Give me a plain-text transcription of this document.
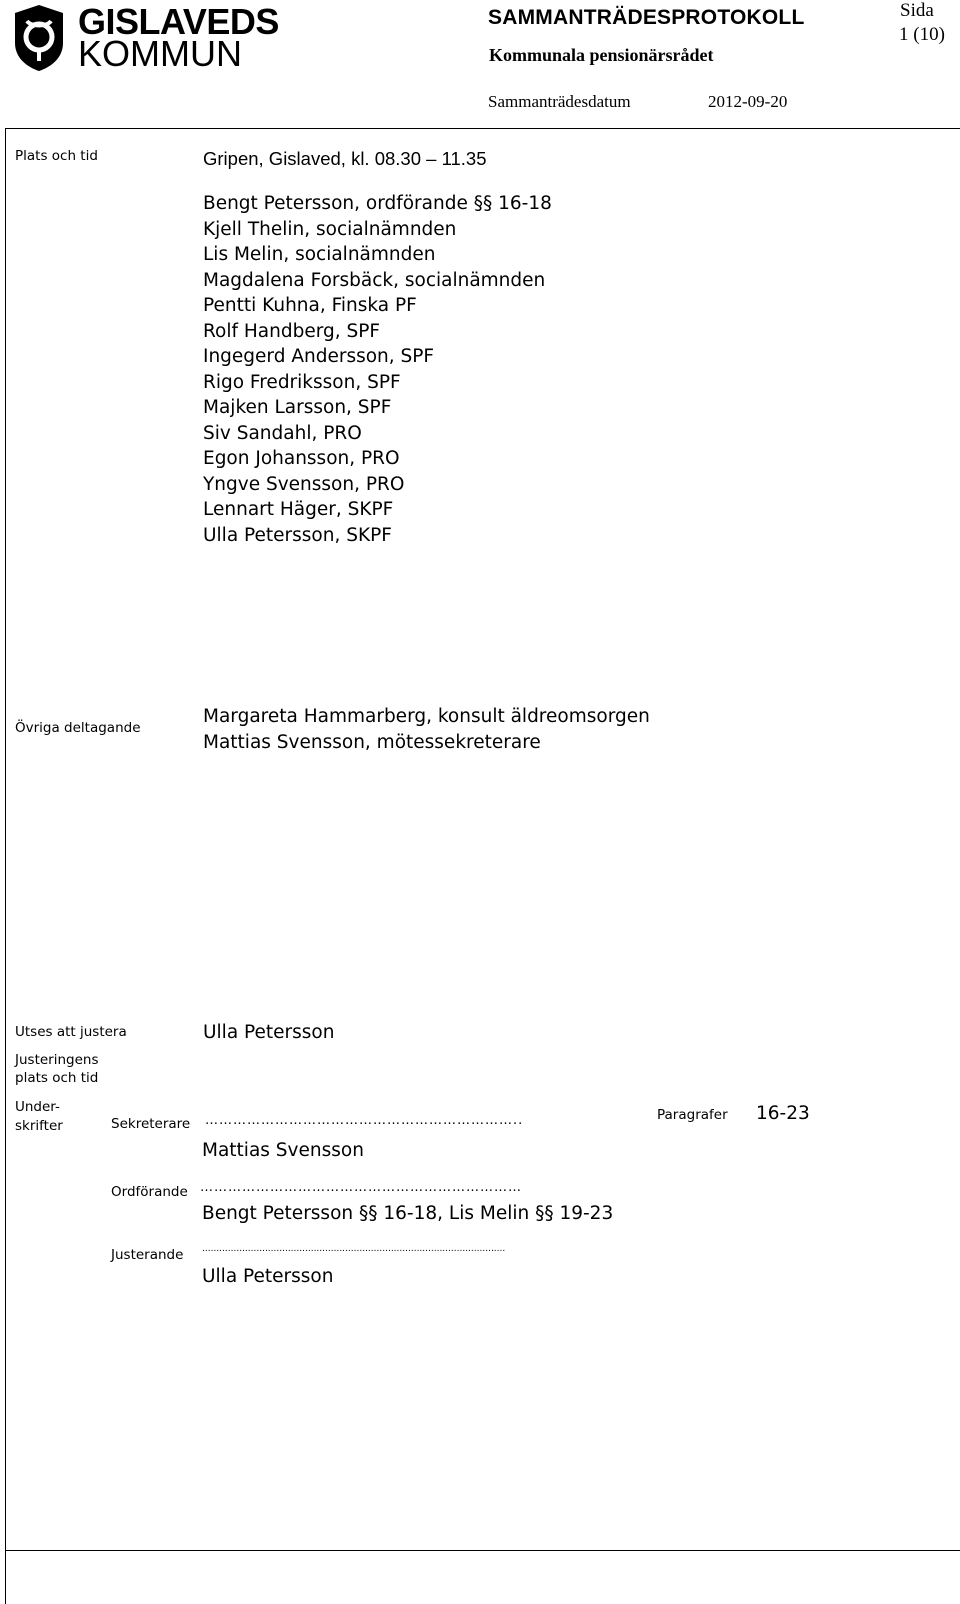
GISLAVEDS
KOMMUN
SAMMANTRÄDESPROTOKOLL
Kommunala pensionärsrådet
Sida
1 (10)
Sammanträdesdatum	2012-09-20
Plats och tid	Gripen, Gislaved, kl. 08.30 – 11.35
Bengt Petersson, ordförande §§ 16-18
Kjell Thelin, socialnämnden
Lis Melin, socialnämnden
Magdalena Forsbäck, socialnämnden
Pentti Kuhna, Finska PF
Rolf Handberg, SPF
Ingegerd Andersson, SPF
Rigo Fredriksson, SPF
Majken Larsson, SPF
Siv Sandahl, PRO
Egon Johansson, PRO
Yngve Svensson, PRO
Lennart Häger, SKPF
Ulla Petersson, SKPF
Övriga deltagande
Margareta Hammarberg, konsult äldreomsorgen
Mattias Svensson, mötessekreterare
Utses att justera	Ulla Petersson
Justeringens
plats och tid
Under-
skrifter
Paragrafer 16-23
Sekreterare …………………………………………………………..
Mattias Svensson
Ordförande ……………………………………………………………
Bengt Petersson §§ 16-18, Lis Melin §§ 19-23
Justerande ..........................................................................................................
Ulla Petersson
